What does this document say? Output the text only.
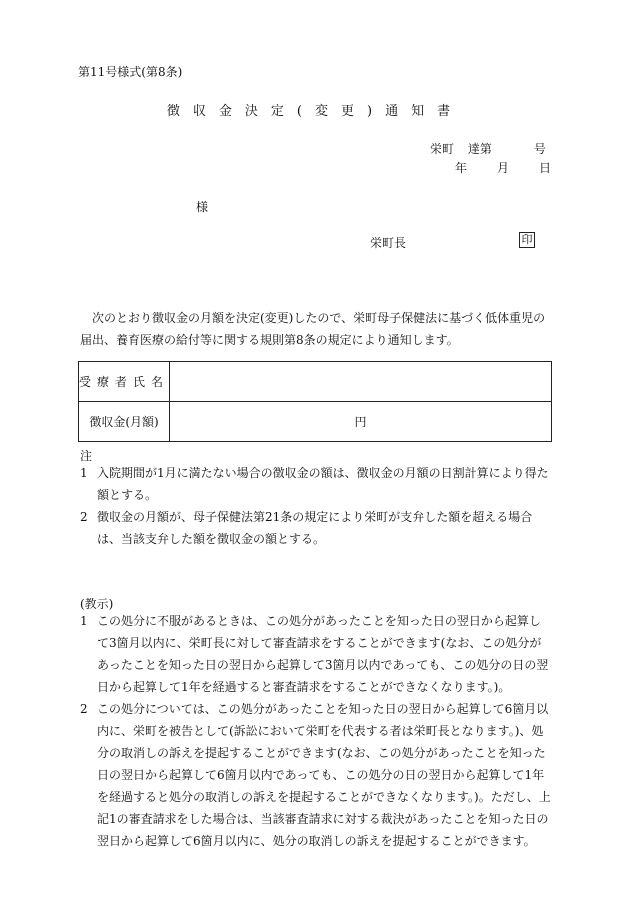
第11号様式(第8条)
徴収金決定(変更)通知書
栄町 達第	号
年	月	日
様
栄町長	印
次のとおり徴収金の月額を決定(変更)したので、栄町母子保健法に基づく低体重児の届出、養育医療の給付等に関する規則第8条の規定により通知します。
受療者氏名	
徴収金(月額)	円
注

1 入院期間が1月に満たない場合の徴収金の額は、徴収金の月額の日割計算により得た額とする。

2 徴収金の月額が、母子保健法第21条の規定により栄町が支弁した額を超える場合は、当該支弁した額を徴収金の額とする。

(教示)

1 この処分に不服があるときは、この処分があったことを知った日の翌日から起算して3箇月以内に、栄町長に対して審査請求をすることができます(なお、この処分があったことを知った日の翌日から起算して3箇月以内であっても、この処分の日の翌日から起算して1年を経過すると審査請求をすることができなくなります。)。

2 この処分については、この処分があったことを知った日の翌日から起算して6箇月以内に、栄町を被告として(訴訟において栄町を代表する者は栄町長となります。)、処分の取消しの訴えを提起することができます(なお、この処分があったことを知った日の翌日から起算して6箇月以内であっても、この処分の日の翌日から起算して1年を経過すると処分の取消しの訴えを提起することができなくなります。)。ただし、上記1の審査請求をした場合は、当該審査請求に対する裁決があったことを知った日の翌日から起算して6箇月以内に、処分の取消しの訴えを提起することができます。
